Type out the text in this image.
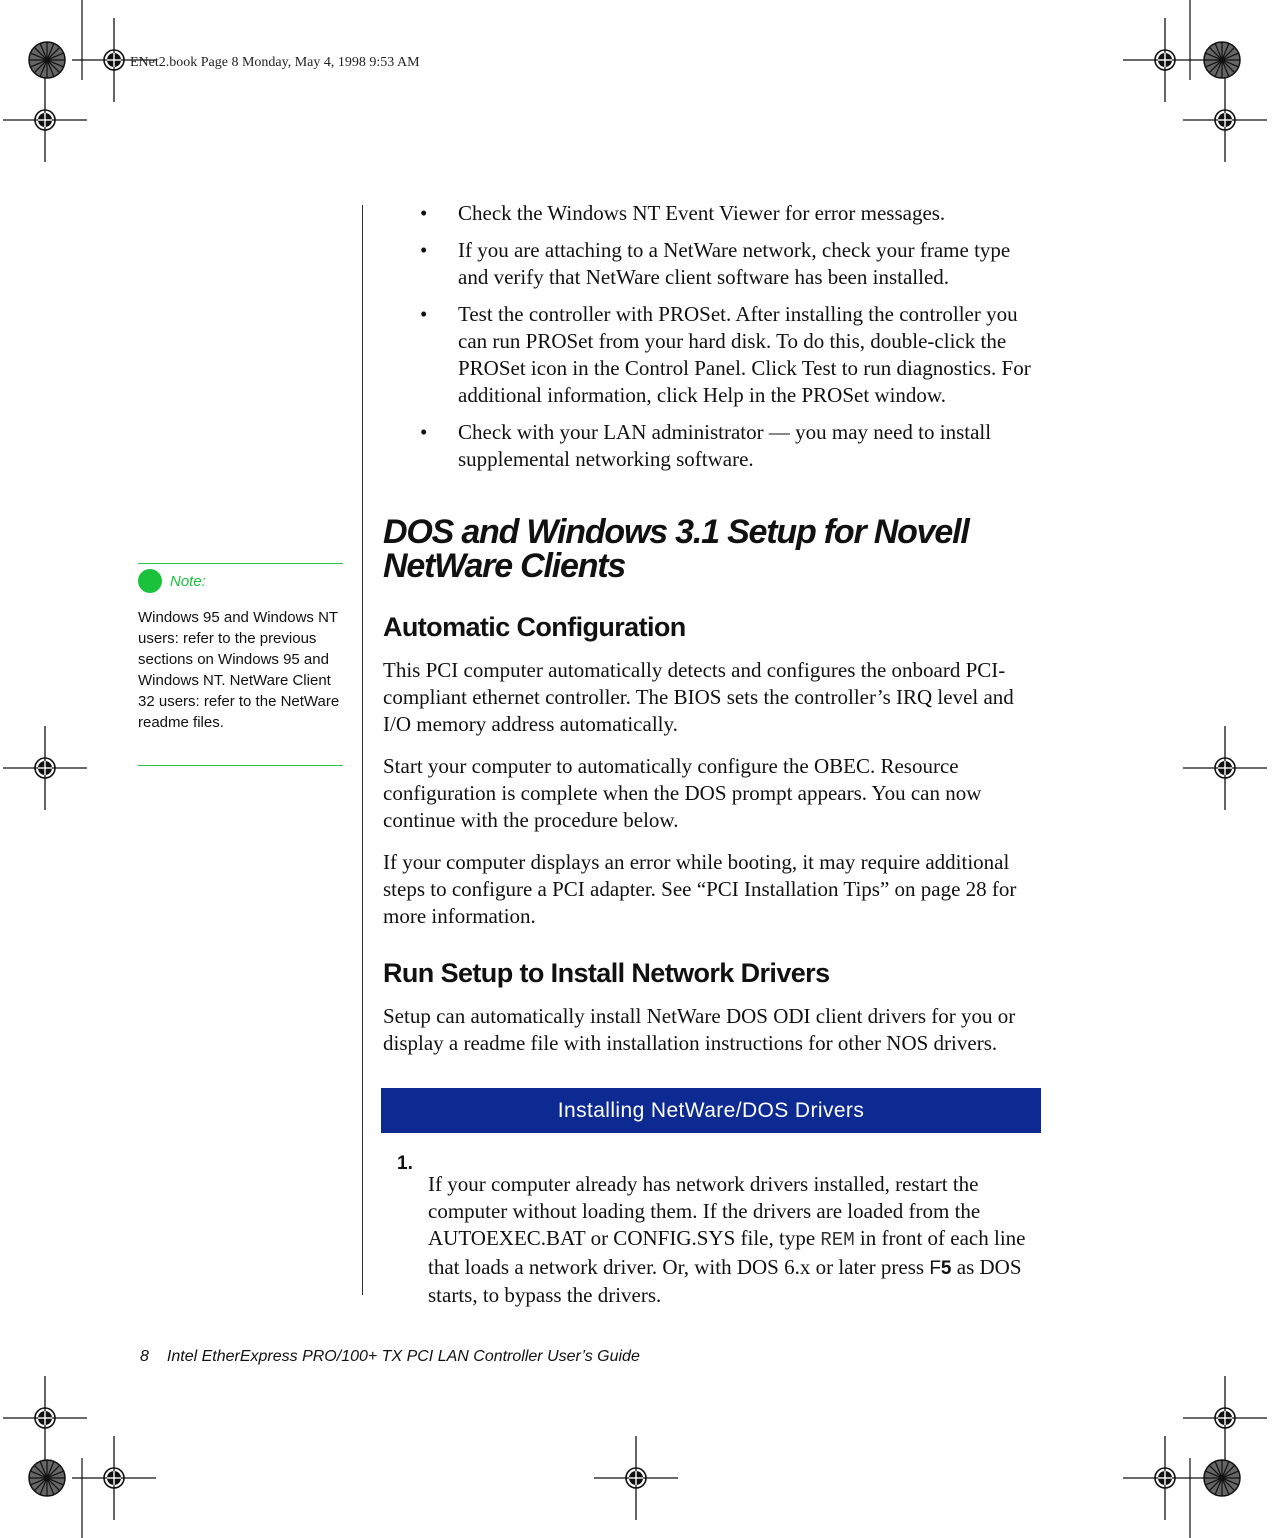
ENet2.book Page 8 Monday, May 4, 1998 9:53 AM
• Check the Windows NT Event Viewer for error messages.
• If you are attaching to a NetWare network, check your frame type and verify that NetWare client software has been installed.
• Test the controller with PROSet. After installing the controller you can run PROSet from your hard disk. To do this, double-click the PROSet icon in the Control Panel. Click Test to run diagnostics. For additional information, click Help in the PROSet window.
• Check with your LAN administrator — you may need to install supplemental networking software.
DOS and Windows 3.1 Setup for Novell NetWare Clients
Note:
Windows 95 and Windows NT users: refer to the previous sections on Windows 95 and Windows NT. NetWare Client 32 users: refer to the NetWare readme files.
Automatic Configuration

This PCI computer automatically detects and configures the onboard PCI-compliant ethernet controller. The BIOS sets the controller’s IRQ level and I/O memory address automatically.

Start your computer to automatically configure the OBEC. Resource configuration is complete when the DOS prompt appears. You can now continue with the procedure below.

If your computer displays an error while booting, it may require additional steps to configure a PCI adapter. See “PCI Installation Tips” on page 28 for more information.

Run Setup to Install Network Drivers

Setup can automatically install NetWare DOS ODI client drivers for you or display a readme file with installation instructions for other NOS drivers.

Installing NetWare/DOS Drivers
1.

If your computer already has network drivers installed, restart the computer without loading them. If the drivers are loaded from the AUTOEXEC.BAT or CONFIG.SYS file, type REM in front of each line that loads a network driver. Or, with DOS 6.x or later press F5 as DOS starts, to bypass the drivers.

8 Intel EtherExpress PRO/100+ TX PCI LAN Controller User’s Guide
